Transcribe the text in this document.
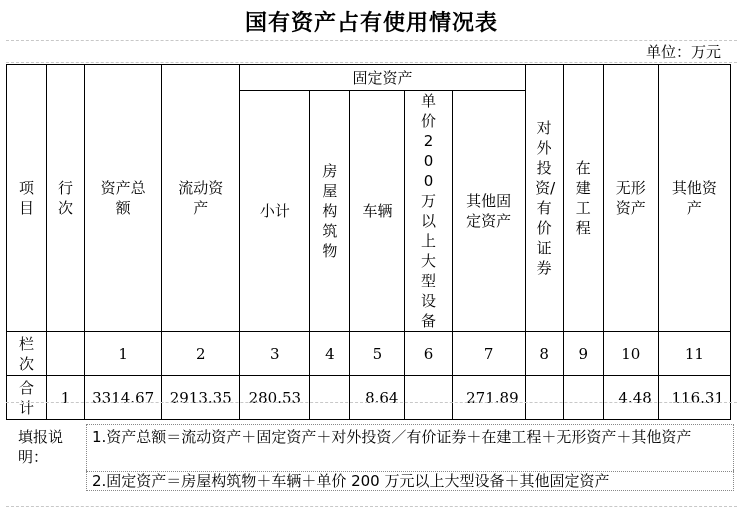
国有资产占有使用情况表
单位：万元
项目	行次	资产总额	流动资产	固定资产					对外投资/有价证券	在建工程	无形资产	其他资产
				小计	房屋构筑物	车辆	单价200万以上大型设备	其他固定资产				
栏次		1	2	3	4	5	6	7	8	9	10	11
合计	1	3314.67	2913.35	280.53		8.64		271.89			4.48	116.31
填报说明：
1.资产总额＝流动资产＋固定资产＋对外投资／有价证券＋在建工程＋无形资产＋其他资产
2.固定资产＝房屋构筑物＋车辆＋单价 200 万元以上大型设备＋其他固定资产
